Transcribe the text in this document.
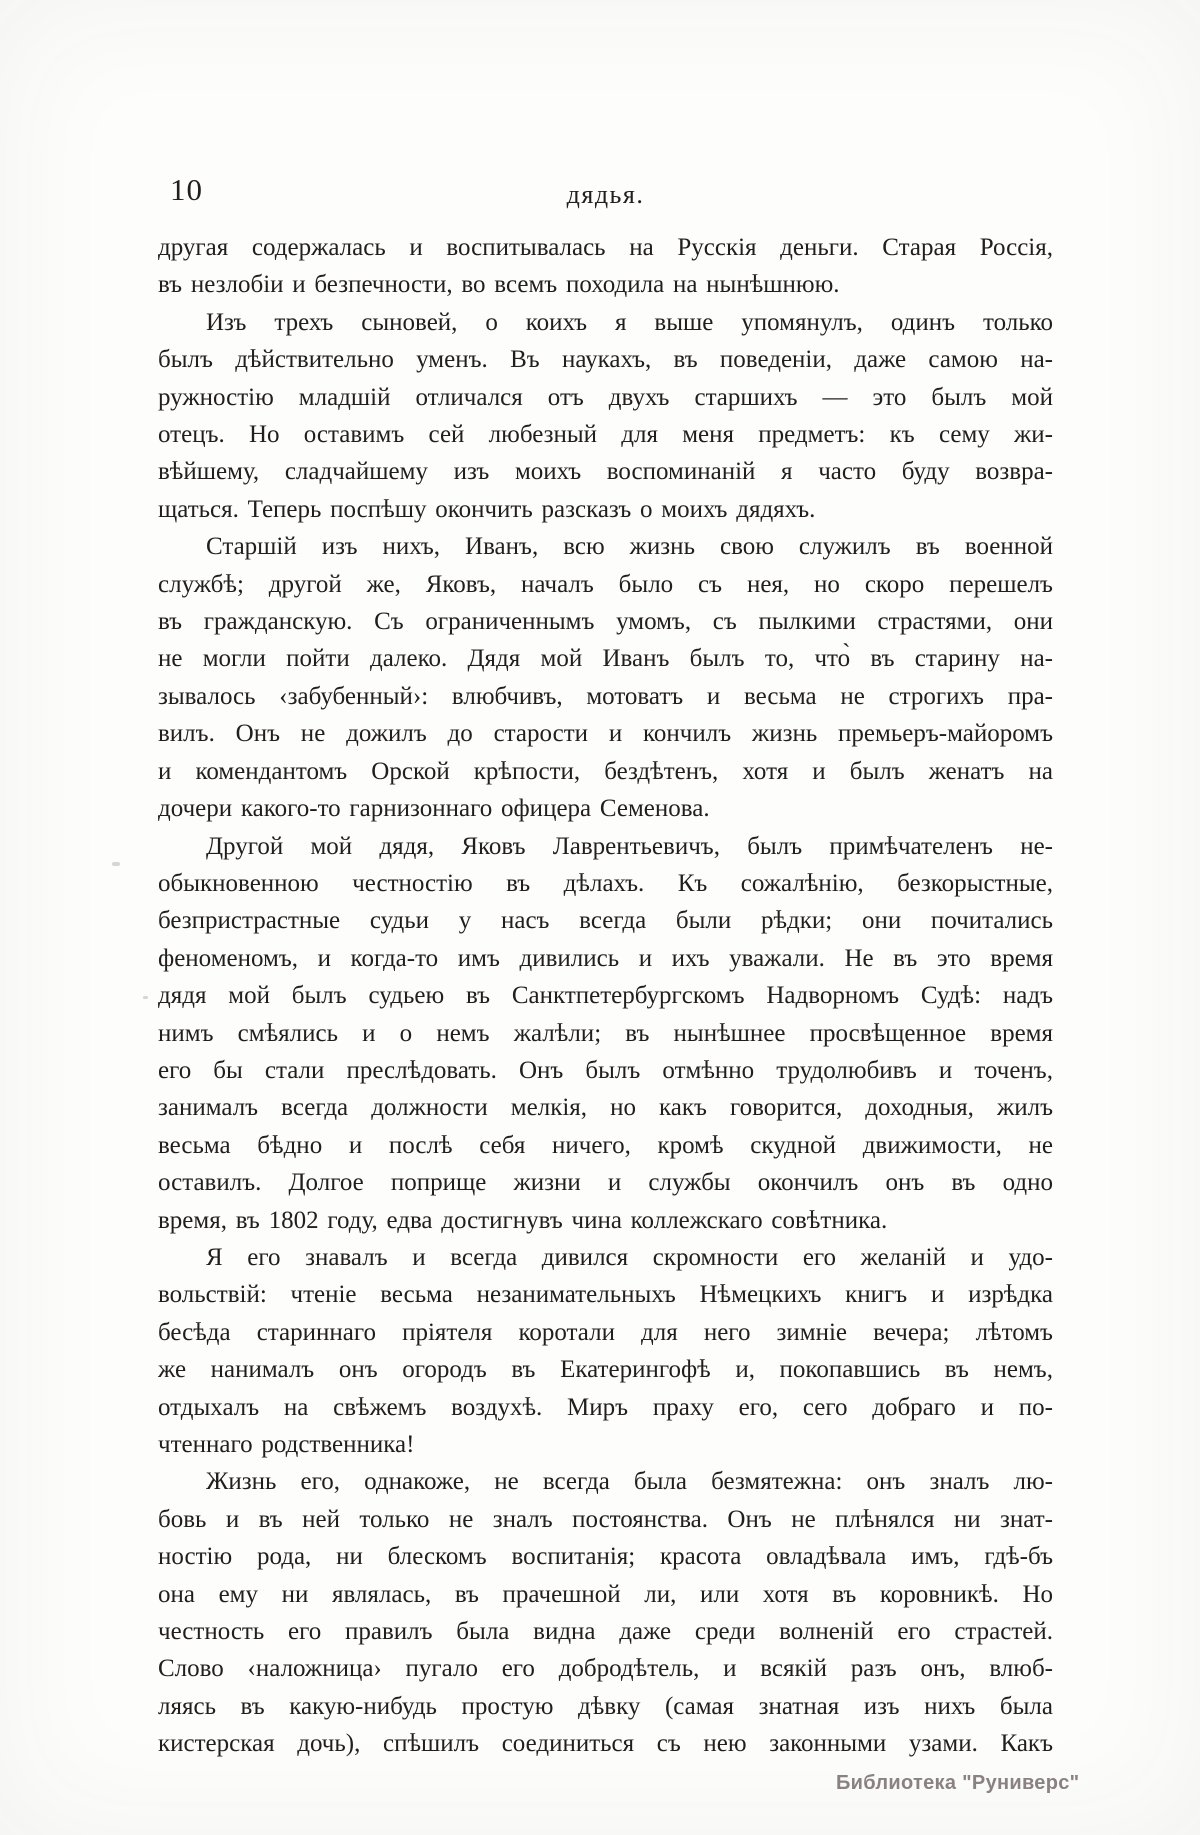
10	дядья.
другая содержалась и воспитывалась на Русскія деньги. Старая Россія,
въ незлобіи и безпечности, во всемъ походила на нынѣшнюю.
Изъ трехъ сыновей, о коихъ я выше упомянулъ, одинъ только
былъ дѣйствительно уменъ. Въ наукахъ, въ поведеніи, даже самою на-
ружностію младшій отличался отъ двухъ старшихъ — это былъ мой
отецъ. Но оставимъ сей любезный для меня предметъ: къ сему жи-
вѣйшему, сладчайшему изъ моихъ воспоминаній я часто буду возвра-
щаться. Теперь поспѣшу окончить разсказъ о моихъ дядяхъ.
Старшій изъ нихъ, Иванъ, всю жизнь свою служилъ въ военной
службѣ; другой же, Яковъ, началъ было съ нея, но скоро перешелъ
въ гражданскую. Съ ограниченнымъ умомъ, съ пылкими страстями, они
не могли пойти далеко. Дядя мой Иванъ былъ то, что̀ въ старину на-
зывалось ‹забубенный›: влюбчивъ, мотоватъ и весьма не строгихъ пра-
вилъ. Онъ не дожилъ до старости и кончилъ жизнь премьеръ-майоромъ
и комендантомъ Орской крѣпости, бездѣтенъ, хотя и былъ женатъ на
дочери какого-то гарнизоннаго офицера Семенова.
Другой мой дядя, Яковъ Лаврентьевичъ, былъ примѣчателенъ не-
обыкновенною честностію въ дѣлахъ. Къ сожалѣнію, безкорыстные,
безпристрастные судьи у насъ всегда были рѣдки; они почитались
феноменомъ, и когда-то имъ дивились и ихъ уважали. Не въ это время
дядя мой былъ судьею въ Санктпетербургскомъ Надворномъ Судѣ: надъ
нимъ смѣялись и о немъ жалѣли; въ нынѣшнее просвѣщенное время
его бы стали преслѣдовать. Онъ былъ отмѣнно трудолюбивъ и точенъ,
занималъ всегда должности мелкія, но какъ говорится, доходныя, жилъ
весьма бѣдно и послѣ себя ничего, кромѣ скудной движимости, не
оставилъ. Долгое поприще жизни и службы окончилъ онъ въ одно
время, въ 1802 году, едва достигнувъ чина коллежскаго совѣтника.
Я его знавалъ и всегда дивился скромности его желаній и удо-
вольствій: чтеніе весьма незанимательныхъ Нѣмецкихъ книгъ и изрѣдка
бесѣда стариннаго пріятеля коротали для него зимніе вечера; лѣтомъ
же нанималъ онъ огородъ въ Екатерингофѣ и, покопавшись въ немъ,
отдыхалъ на свѣжемъ воздухѣ. Миръ праху его, сего добраго и по-
чтеннаго родственника!
Жизнь его, однакоже, не всегда была безмятежна: онъ зналъ лю-
бовь и въ ней только не зналъ постоянства. Онъ не плѣнялся ни знат-
ностію рода, ни блескомъ воспитанія; красота овладѣвала имъ, гдѣ-бъ
она ему ни являлась, въ прачешной ли, или хотя въ коровникѣ. Но
честность его правилъ была видна даже среди волненій его страстей.
Слово ‹наложница› пугало его добродѣтель, и всякій разъ онъ, влюб-
ляясь въ какую-нибудь простую дѣвку (самая знатная изъ нихъ была
кистерская дочь), спѣшилъ соединиться съ нею законными узами. Какъ
Библиотека "Руниверс"
